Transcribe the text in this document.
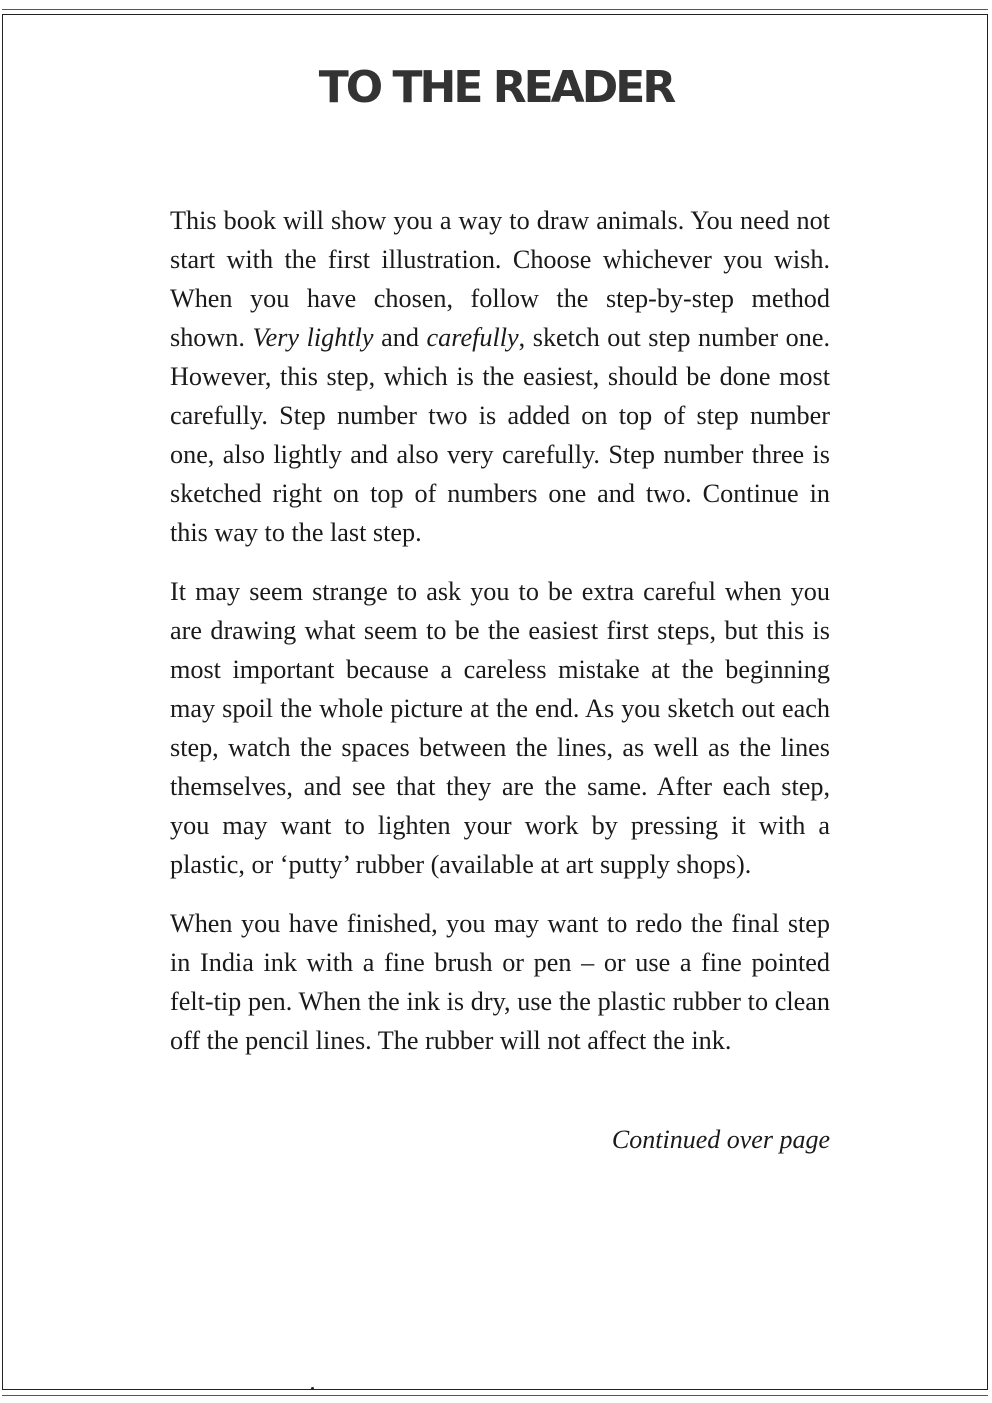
TO THE READER

This book will show you a way to draw animals. You need not start with the first illustration. Choose whichever you wish. When you have chosen, follow the step-by-step method shown. Very lightly and carefully, sketch out step number one. However, this step, which is the easiest, should be done most carefully. Step number two is added on top of step number one, also lightly and also very carefully. Step number three is sketched right on top of numbers one and two. Continue in this way to the last step.

It may seem strange to ask you to be extra careful when you are drawing what seem to be the easiest first steps, but this is most important because a careless mistake at the beginning may spoil the whole picture at the end. As you sketch out each step, watch the spaces between the lines, as well as the lines themselves, and see that they are the same. After each step, you may want to lighten your work by pressing it with a plastic, or ‘putty’ rubber (available at art supply shops).

When you have finished, you may want to redo the final step in India ink with a fine brush or pen – or use a fine pointed felt-tip pen. When the ink is dry, use the plastic rubber to clean off the pencil lines. The rubber will not affect the ink.

Continued over page
